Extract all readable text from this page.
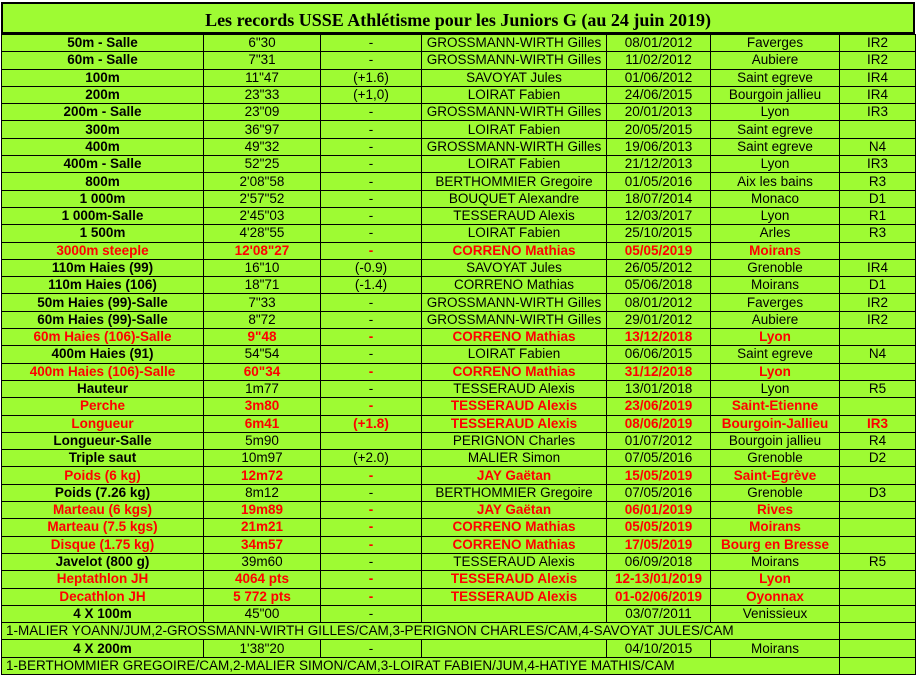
Les records USSE Athlétisme pour les Juniors G (au 24 juin 2019)
50m - Salle	6"30	-	GROSSMANN-WIRTH Gilles	08/01/2012	Faverges	IR2
60m - Salle	7"31	-	GROSSMANN-WIRTH Gilles	11/02/2012	Aubiere	IR2
100m	11"47	(+1.6)	SAVOYAT Jules	01/06/2012	Saint egreve	IR4
200m	23"33	(+1,0)	LOIRAT Fabien	24/06/2015	Bourgoin jallieu	IR4
200m - Salle	23"09	-	GROSSMANN-WIRTH Gilles	20/01/2013	Lyon	IR3
300m	36"97	-	LOIRAT Fabien	20/05/2015	Saint egreve	
400m	49"32	-	GROSSMANN-WIRTH Gilles	19/06/2013	Saint egreve	N4
400m - Salle	52"25	-	LOIRAT Fabien	21/12/2013	Lyon	IR3
800m	2'08"58	-	BERTHOMMIER Gregoire	01/05/2016	Aix les bains	R3
1 000m	2'57"52	-	BOUQUET Alexandre	18/07/2014	Monaco	D1
1 000m-Salle	2'45"03	-	TESSERAUD Alexis	12/03/2017	Lyon	R1
1 500m	4'28"55	-	LOIRAT Fabien	25/10/2015	Arles	R3
3000m steeple	12'08"27	-	CORRENO Mathias	05/05/2019	Moirans	
110m Haies (99)	16"10	(-0.9)	SAVOYAT Jules	26/05/2012	Grenoble	IR4
110m Haies (106)	18"71	(-1.4)	CORRENO Mathias	05/06/2018	Moirans	D1
50m Haies (99)-Salle	7"33	-	GROSSMANN-WIRTH Gilles	08/01/2012	Faverges	IR2
60m Haies (99)-Salle	8"72	-	GROSSMANN-WIRTH Gilles	29/01/2012	Aubiere	IR2
60m Haies (106)-Salle	9"48	-	CORRENO Mathias	13/12/2018	Lyon	
400m Haies (91)	54"54	-	LOIRAT Fabien	06/06/2015	Saint egreve	N4
400m Haies (106)-Salle	60"34	-	CORRENO Mathias	31/12/2018	Lyon	
Hauteur	1m77	-	TESSERAUD Alexis	13/01/2018	Lyon	R5
Perche	3m80	-	TESSERAUD Alexis	23/06/2019	Saint-Etienne	
Longueur	6m41	(+1.8)	TESSERAUD Alexis	08/06/2019	Bourgoin-Jallieu	IR3
Longueur-Salle	5m90		PERIGNON Charles	01/07/2012	Bourgoin jallieu	R4
Triple saut	10m97	(+2.0)	MALIER Simon	07/05/2016	Grenoble	D2
Poids (6 kg)	12m72	-	JAY Gaëtan	15/05/2019	Saint-Egrève	
Poids (7.26 kg)	8m12	-	BERTHOMMIER Gregoire	07/05/2016	Grenoble	D3
Marteau (6 kgs)	19m89	-	JAY Gaëtan	06/01/2019	Rives	
Marteau (7.5 kgs)	21m21	-	CORRENO Mathias	05/05/2019	Moirans	
Disque (1.75 kg)	34m57	-	CORRENO Mathias	17/05/2019	Bourg en Bresse	
Javelot (800 g)	39m60	-	TESSERAUD Alexis	06/09/2018	Moirans	R5
Heptathlon JH	4064 pts	-	TESSERAUD Alexis	12-13/01/2019	Lyon	
Decathlon JH	5 772 pts	-	TESSERAUD Alexis	01-02/06/2019	Oyonnax	
4 X 100m	45"00	-		03/07/2011	Venissieux	
1-MALIER YOANN/JUM,2-GROSSMANN-WIRTH GILLES/CAM,3-PERIGNON CHARLES/CAM,4-SAVOYAT JULES/CAM						
4 X 200m	1'38"20	-		04/10/2015	Moirans	
1-BERTHOMMIER GREGOIRE/CAM,2-MALIER SIMON/CAM,3-LOIRAT FABIEN/JUM,4-HATIYE MATHIS/CAM						
